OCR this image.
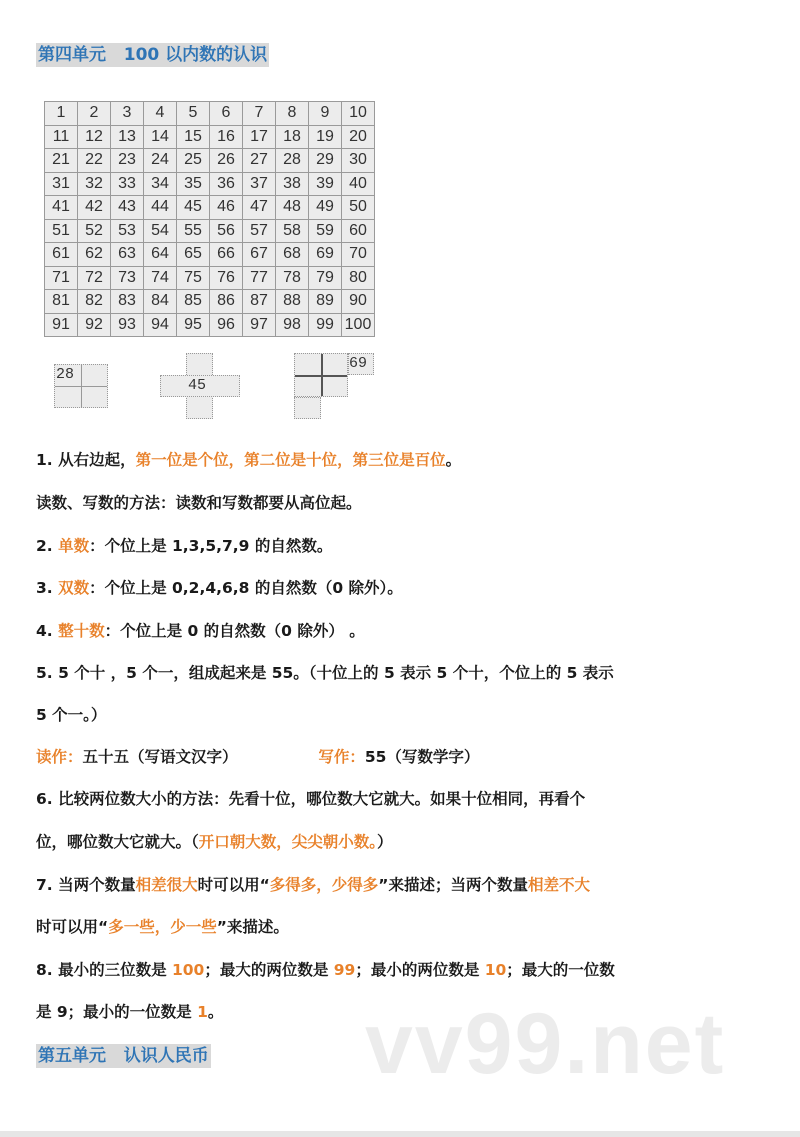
第四单元   100 以内数的认识
1	2	3	4	5	6	7	8	9	10
11	12	13	14	15	16	17	18	19	20
21	22	23	24	25	26	27	28	29	30
31	32	33	34	35	36	37	38	39	40
41	42	43	44	45	46	47	48	49	50
51	52	53	54	55	56	57	58	59	60
61	62	63	64	65	66	67	68	69	70
71	72	73	74	75	76	77	78	79	80
81	82	83	84	85	86	87	88	89	90
91	92	93	94	95	96	97	98	99	100
28
45
69
1. 从右边起，第一位是个位，第二位是十位，第三位是百位。
读数、写数的方法：读数和写数都要从高位起。
2. 单数：个位上是 1,3,5,7,9 的自然数。
3. 双数：个位上是 0,2,4,6,8 的自然数（0 除外）。
4. 整十数：个位上是 0 的自然数（0 除外） 。
5. 5 个十 ，5 个一，组成起来是 55。（十位上的 5 表示 5 个十，个位上的 5 表示
5 个一。）
读作：五十五（写语文汉字）	写作：55（写数学字）
6. 比较两位数大小的方法：先看十位，哪位数大它就大。如果十位相同，再看个
位，哪位数大它就大。（开口朝大数，尖尖朝小数。）
7. 当两个数量相差很大时可以用“多得多，少得多”来描述；当两个数量相差不大
时可以用“多一些，少一些”来描述。
8. 最小的三位数是 100；最大的两位数是 99；最小的两位数是 10；最大的一位数
是 9；最小的一位数是 1。 vv99.net
第五单元   认识人民币
